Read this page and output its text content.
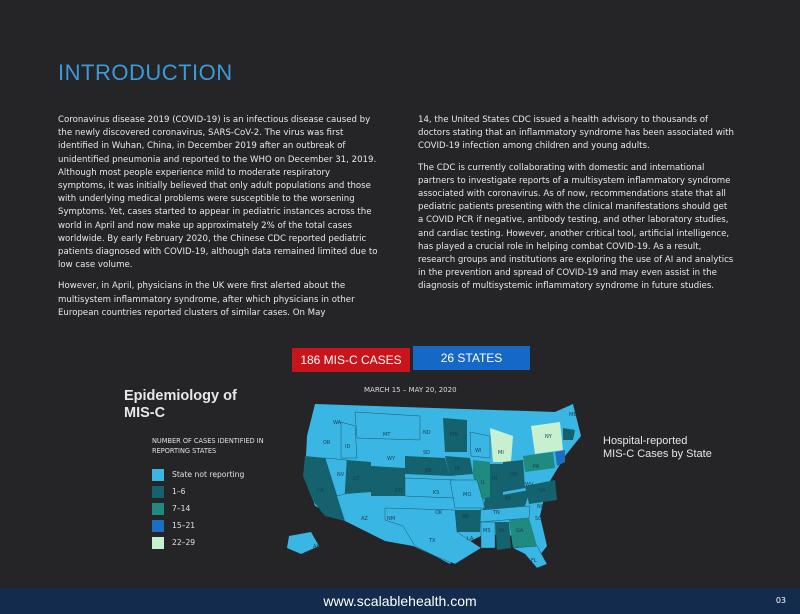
INTRODUCTION

Coronavirus disease 2019 (COVID-19) is an infectious disease caused by the newly discovered coronavirus, SARS-CoV-2. The virus was first identified in Wuhan, China, in December 2019 after an outbreak of unidentified pneumonia and reported to the WHO on December 31, 2019. Although most people experience mild to moderate respiratory symptoms, it was initially believed that only adult populations and those with underlying medical problems were susceptible to the worsening Symptoms. Yet, cases started to appear in pediatric instances across the world in April and now make up approximately 2% of the total cases worldwide. By early February 2020, the Chinese CDC reported pediatric patients diagnosed with COVID-19, although data remained limited due to low case volume.

However, in April, physicians in the UK were first alerted about the multisystem inflammatory syndrome, after which physicians in other European countries reported clusters of similar cases. On May

14, the United States CDC issued a health advisory to thousands of doctors stating that an inflammatory syndrome has been associated with COVID-19 infection among children and young adults.

The CDC is currently collaborating with domestic and international partners to investigate reports of a multisystem inflammatory syndrome associated with coronavirus. As of now, recommendations state that all pediatric patients presenting with the clinical manifestations should get a COVID PCR if negative, antibody testing, and other laboratory studies, and cardiac testing. However, another critical tool, artificial intelligence, has played a crucial role in helping combat COVID-19. As a result, research groups and institutions are exploring the use of AI and analytics in the prevention and spread of COVID-19 and may even assist in the diagnosis of multisystemic inflammatory syndrome in future studies.

186 MIS-C CASES	26 STATES
MARCH 15 – MAY 20, 2020
Epidemiology of MIS-C
NUMBER OF CASES IDENTIFIED IN REPORTING STATES
State not reporting
1–6
7–14
15–21
22–29
Hospital-reported MIS-C Cases by State
WA
OR
CA
NV
ID
MT
WY
UT
CO
AZ	NM
ND
SD
NE
KS
OK
TX
MN
IA
MO
AR
LA
WI
IL
MS AL
TN
KY
IN
MI
OH
GA
FL
SC
NC
VA
WV
PA
NY
ME
AK
www.scalablehealth.com	03
